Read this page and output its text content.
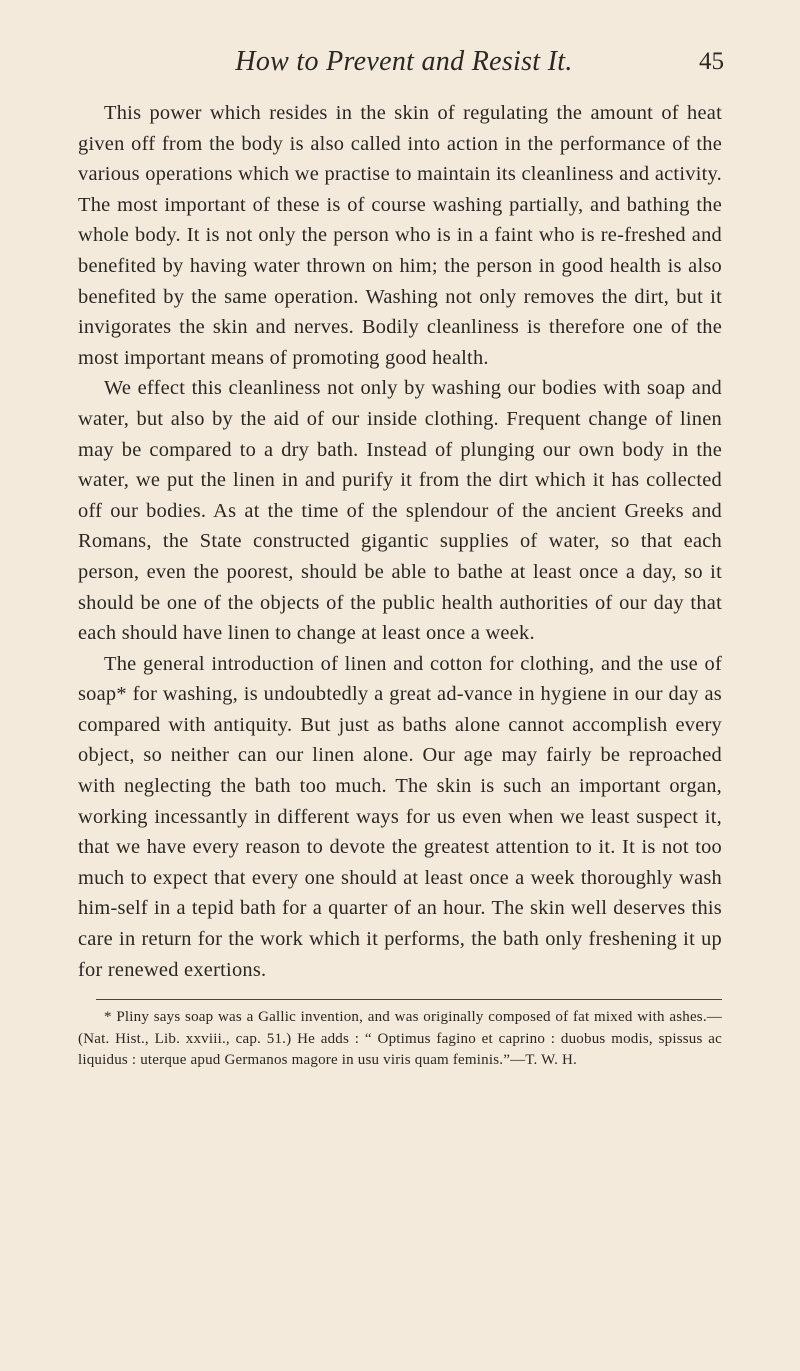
How to Prevent and Resist It.	45

This power which resides in the skin of regulating the amount of heat given off from the body is also called into action in the performance of the various operations which we practise to maintain its cleanliness and activity. The most important of these is of course washing partially, and bathing the whole body. It is not only the person who is in a faint who is re-freshed and benefited by having water thrown on him; the person in good health is also benefited by the same operation. Washing not only removes the dirt, but it invigorates the skin and nerves. Bodily cleanliness is therefore one of the most important means of promoting good health.

We effect this cleanliness not only by washing our bodies with soap and water, but also by the aid of our inside clothing. Frequent change of linen may be compared to a dry bath. Instead of plunging our own body in the water, we put the linen in and purify it from the dirt which it has collected off our bodies. As at the time of the splendour of the ancient Greeks and Romans, the State constructed gigantic supplies of water, so that each person, even the poorest, should be able to bathe at least once a day, so it should be one of the objects of the public health authorities of our day that each should have linen to change at least once a week.

The general introduction of linen and cotton for clothing, and the use of soap* for washing, is undoubtedly a great ad-vance in hygiene in our day as compared with antiquity. But just as baths alone cannot accomplish every object, so neither can our linen alone. Our age may fairly be reproached with neglecting the bath too much. The skin is such an important organ, working incessantly in different ways for us even when we least suspect it, that we have every reason to devote the greatest attention to it. It is not too much to expect that every one should at least once a week thoroughly wash him-self in a tepid bath for a quarter of an hour. The skin well deserves this care in return for the work which it performs, the bath only freshening it up for renewed exertions.

* Pliny says soap was a Gallic invention, and was originally composed of fat mixed with ashes.—(Nat. Hist., Lib. xxviii., cap. 51.) He adds : “ Optimus fagino et caprino : duobus modis, spissus ac liquidus : uterque apud Germanos magore in usu viris quam feminis.”—T. W. H.
